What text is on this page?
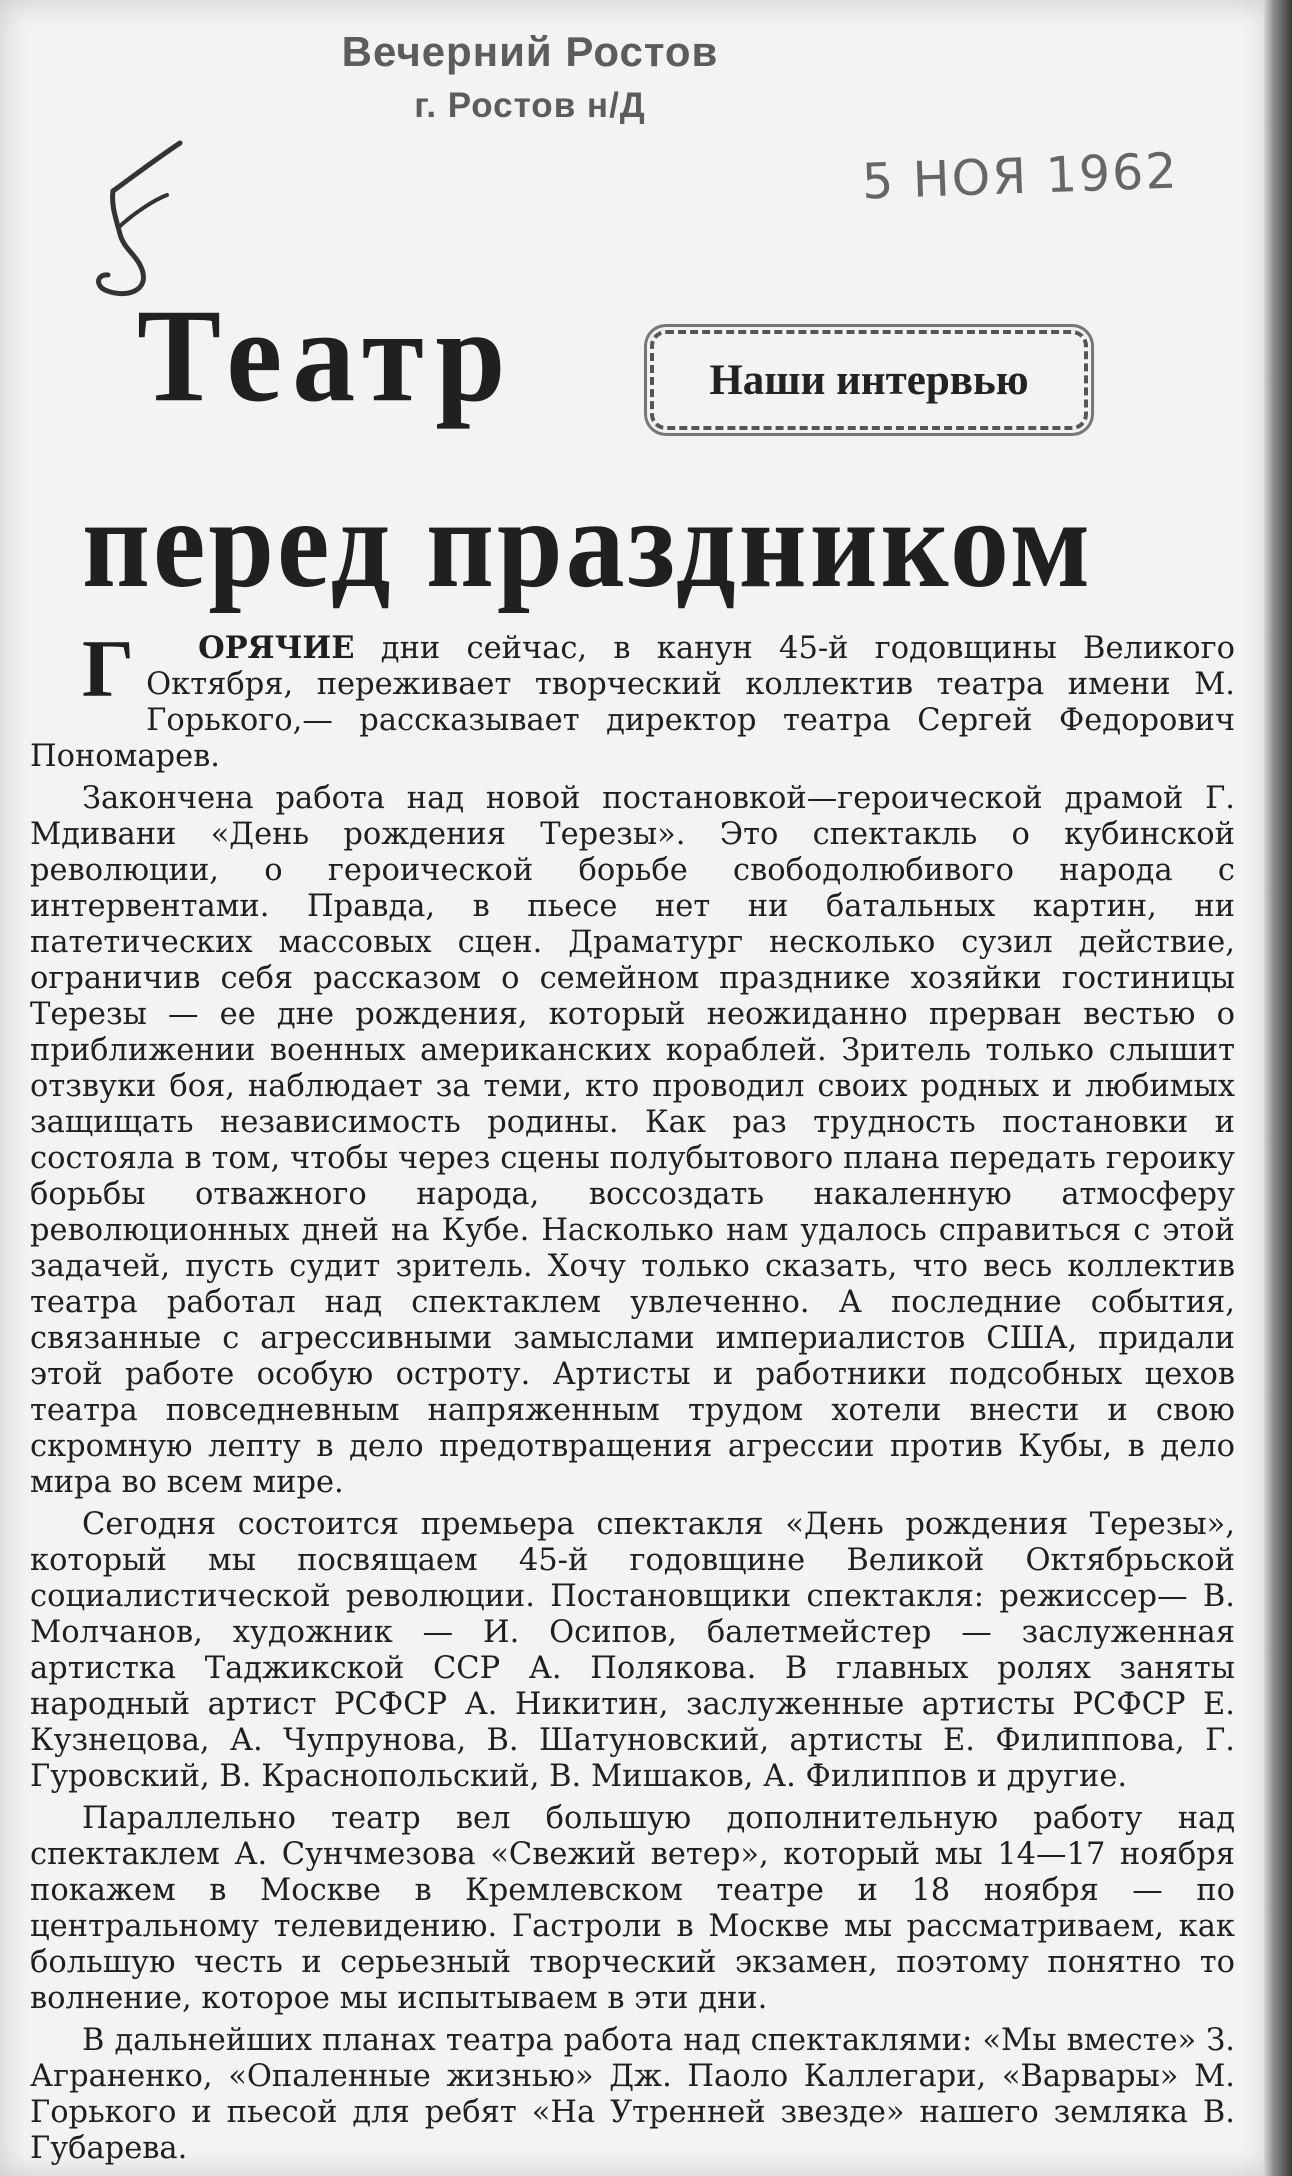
Вечерний Ростов
г. Ростов н/Д
5 НОЯ 1962
Театр
перед праздником
Наши интервью

Г ОРЯЧИЕ дни сейчас, в канун 45-й годовщины Великого Октября, переживает творческий коллектив театра имени М. Горького,— рассказывает директор театра Сергей Федорович Пономарев.

Закончена работа над новой постановкой—героической драмой Г. Мдивани «День рождения Терезы». Это спектакль о кубинской революции, о героической борьбе свободолюбивого народа с интервентами. Правда, в пьесе нет ни батальных картин, ни патетических массовых сцен. Драматург несколько сузил действие, ограничив себя рассказом о семейном празднике хозяйки гостиницы Терезы — ее дне рождения, который неожиданно прерван вестью о приближении военных американских кораблей. Зритель только слышит отзвуки боя, наблюдает за теми, кто проводил своих родных и любимых защищать независимость родины. Как раз трудность постановки и состояла в том, чтобы через сцены полубытового плана передать героику борьбы отважного народа, воссоздать накаленную атмосферу революционных дней на Кубе. Насколько нам удалось справиться с этой задачей, пусть судит зритель. Хочу только сказать, что весь коллектив театра работал над спектаклем увлеченно. А последние события, связанные с агрессивными замыслами империалистов США, придали этой работе особую остроту. Артисты и работники подсобных цехов театра повседневным напряженным трудом хотели внести и свою скромную лепту в дело предотвращения агрессии против Кубы, в дело мира во всем мире.

Сегодня состоится премьера спектакля «День рождения Терезы», который мы посвящаем 45-й годовщине Великой Октябрьской социалистической революции. Постановщики спектакля: режиссер— В. Молчанов, художник — И. Осипов, балетмейстер — заслуженная артистка Таджикской ССР А. Полякова. В главных ролях заняты народный артист РСФСР А. Никитин, заслуженные артисты РСФСР Е. Кузнецова, А. Чупрунова, В. Шатуновский, артисты Е. Филиппова, Г. Гуровский, В. Краснопольский, В. Мишаков, А. Филиппов и другие.

Параллельно театр вел большую дополнительную работу над спектаклем А. Сунчмезова «Свежий ветер», который мы 14—17 ноября покажем в Москве в Кремлевском театре и 18 ноября — по центральному телевидению. Гастроли в Москве мы рассматриваем, как большую честь и серьезный творческий экзамен, поэтому понятно то волнение, которое мы испытываем в эти дни.

В дальнейших планах театра работа над спектаклями: «Мы вместе» З. Аграненко, «Опаленные жизнью» Дж. Паоло Каллегари, «Варвары» М. Горького и пьесой для ребят «На Утренней звезде» нашего земляка В. Губарева.
